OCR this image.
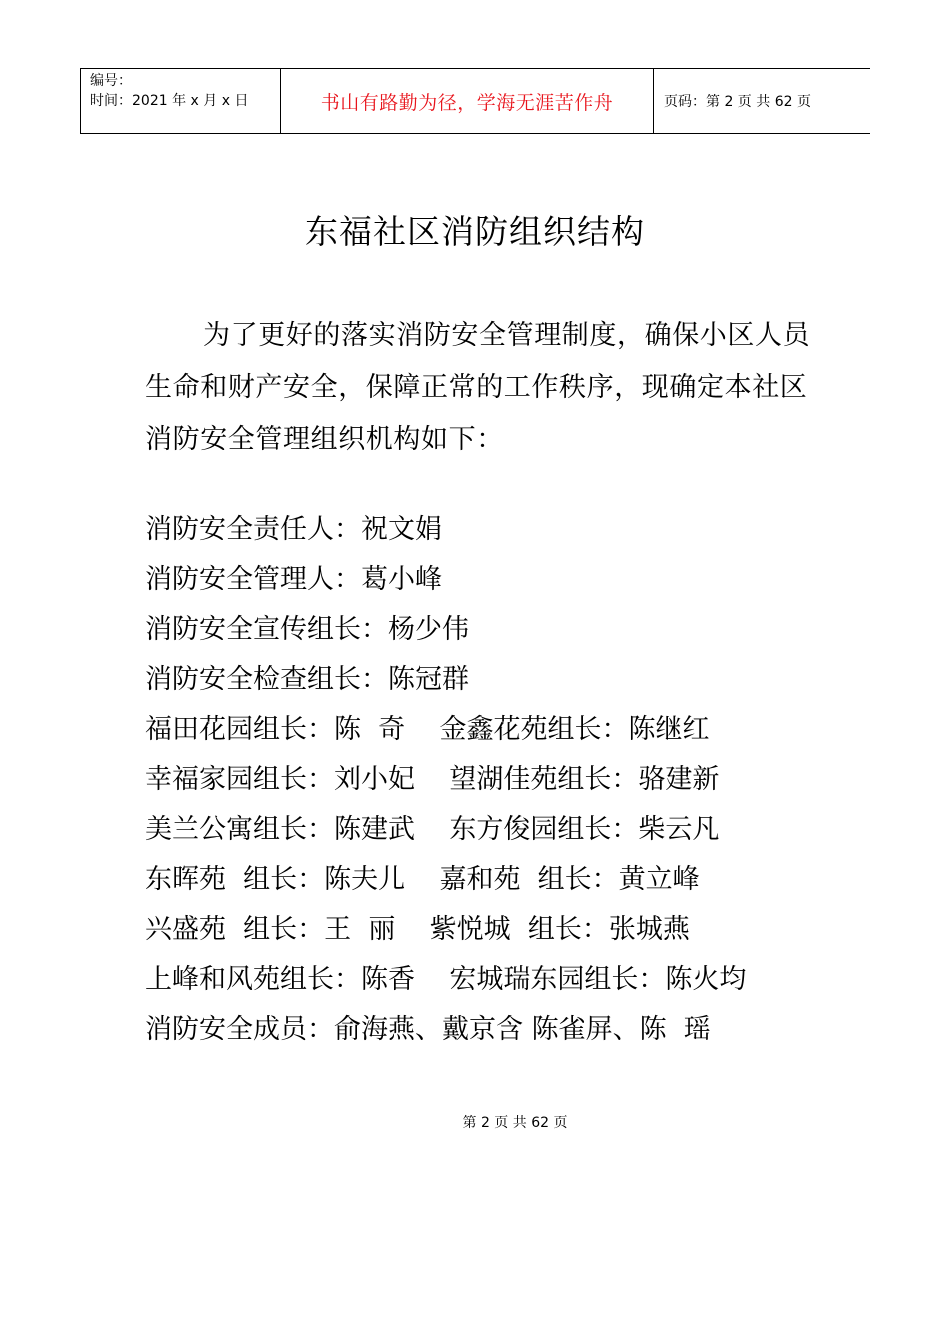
编号：
时间：2021 年 x 月 x 日	书山有路勤为径，学海无涯苦作舟	页码：第 2 页 共 62 页
东福社区消防组织结构

为了更好的落实消防安全管理制度，确保小区人员生命和财产安全，保障正常的工作秩序，现确定本社区消防安全管理组织机构如下：

消防安全责任人：祝文娟
消防安全管理人：葛小峰
消防安全宣传组长：杨少伟
消防安全检查组长：陈冠群
福田花园组长：陈  奇    金鑫花苑组长：陈继红
幸福家园组长：刘小妃    望湖佳苑组长：骆建新
美兰公寓组长：陈建武    东方俊园组长：柴云凡
东晖苑  组长：陈夫儿    嘉和苑  组长：黄立峰
兴盛苑  组长：王  丽    紫悦城  组长：张城燕
上峰和风苑组长：陈香    宏城瑞东园组长：陈火均
消防安全成员：俞海燕、戴京含 陈雀屏、陈  瑶
第 2 页 共 62 页
